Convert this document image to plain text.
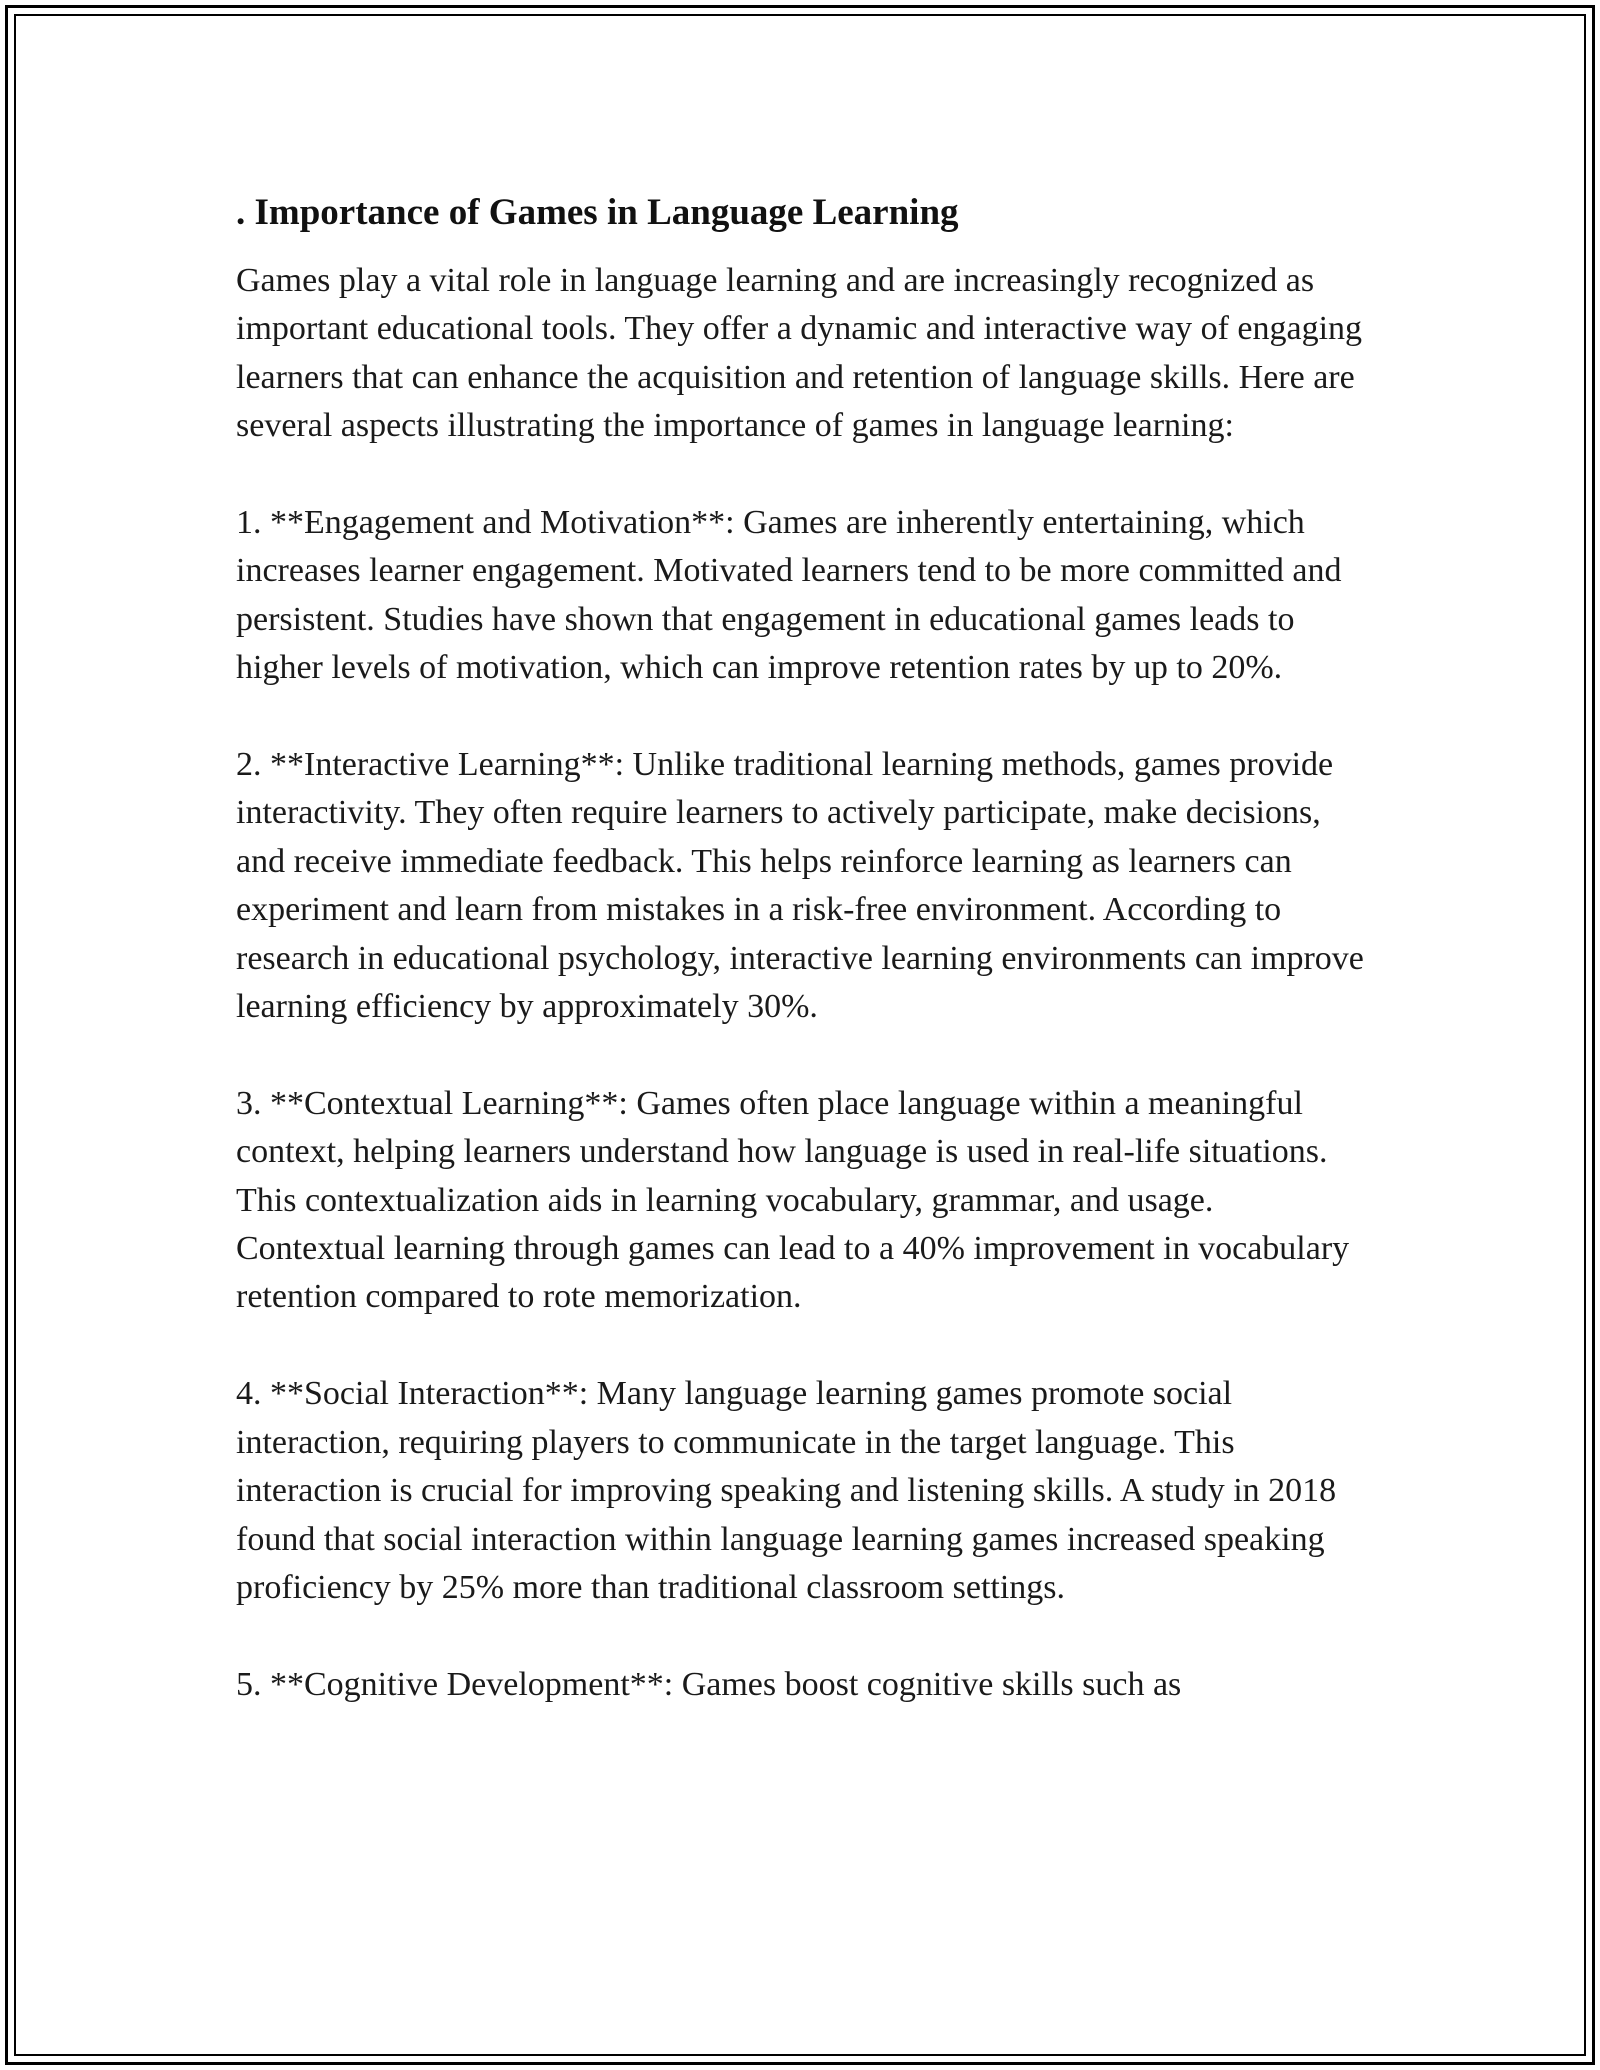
. Importance of Games in Language Learning

Games play a vital role in language learning and are increasingly recognized as important educational tools. They offer a dynamic and interactive way of engaging learners that can enhance the acquisition and retention of language skills. Here are several aspects illustrating the importance of games in language learning:

1. **Engagement and Motivation**: Games are inherently entertaining, which increases learner engagement. Motivated learners tend to be more committed and persistent. Studies have shown that engagement in educational games leads to higher levels of motivation, which can improve retention rates by up to 20%.

2. **Interactive Learning**: Unlike traditional learning methods, games provide interactivity. They often require learners to actively participate, make decisions, and receive immediate feedback. This helps reinforce learning as learners can experiment and learn from mistakes in a risk-free environment. According to research in educational psychology, interactive learning environments can improve learning efficiency by approximately 30%.

3. **Contextual Learning**: Games often place language within a meaningful context, helping learners understand how language is used in real-life situations. This contextualization aids in learning vocabulary, grammar, and usage. Contextual learning through games can lead to a 40% improvement in vocabulary retention compared to rote memorization.

4. **Social Interaction**: Many language learning games promote social interaction, requiring players to communicate in the target language. This interaction is crucial for improving speaking and listening skills. A study in 2018 found that social interaction within language learning games increased speaking proficiency by 25% more than traditional classroom settings.

5. **Cognitive Development**: Games boost cognitive skills such as
